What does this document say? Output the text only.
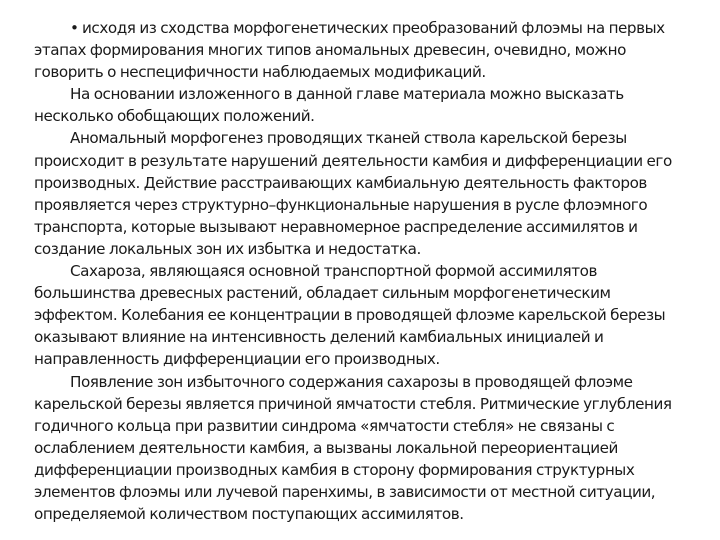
• исходя из сходства морфогенетических преобразований флоэмы на первых этапах формирования многих типов аномальных древесин, очевидно, можно говорить о неспецифичности наблюдаемых модификаций.

На основании изложенного в данной главе материала можно высказать несколько обобщающих положений.

Аномальный морфогенез проводящих тканей ствола карельской березы происходит в результате нарушений деятельности камбия и дифференциации его производных. Действие расстраивающих камбиальную деятельность факторов проявляется через структурно–функциональные нарушения в русле флоэмного транспорта, которые вызывают неравномерное распределение ассимилятов и создание локальных зон их избытка и недостатка.

Сахароза, являющаяся основной транспортной формой ассимилятов большинства древесных растений, обладает сильным морфогенетическим эффектом. Колебания ее концентрации в проводящей флоэме карельской березы оказывают влияние на интенсивность делений камбиальных инициалей и направленность дифференциации его производных.

Появление зон избыточного содержания сахарозы в проводящей флоэме карельской березы является причиной ямчатости стебля. Ритмические углубления годичного кольца при развитии синдрома «ямчатости стебля» не связаны с ослаблением деятельности камбия, а вызваны локальной переориентацией дифференциации производных камбия в сторону формирования структурных элементов флоэмы или лучевой паренхимы, в зависимости от местной ситуации, определяемой количеством поступающих ассимилятов.
